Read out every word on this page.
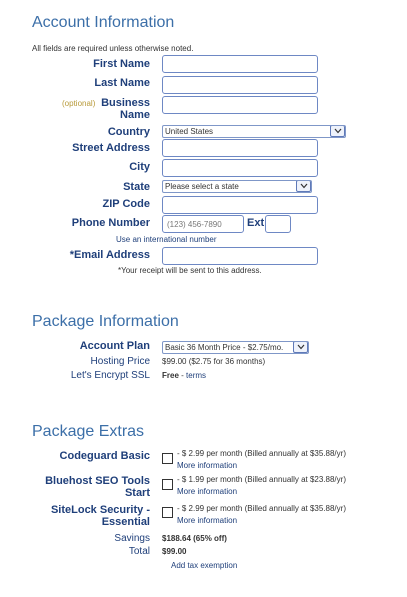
Account Information
All fields are required unless otherwise noted.
First Name
Last Name
(optional) Business
Name
Country	United States
Street Address
City
State	Please select a state
ZIP Code
Phone Number	(123) 456-7890	Ext
Use an international number
*Email Address
*Your receipt will be sent to this address.
Package Information
Account Plan	Basic 36 Month Price - $2.75/mo.
Hosting Price $99.00 ($2.75 for 36 months)
Let's Encrypt SSL Free - terms
Package Extras
Codeguard Basic	- $ 2.99 per month (Billed annually at $35.88/yr)
More information
Bluehost SEO Tools
Start
- $ 1.99 per month (Billed annually at $23.88/yr)
More information
SiteLock Security -
Essential
- $ 2.99 per month (Billed annually at $35.88/yr)
More information
Savings $188.64 (65% off)
Total $99.00
Add tax exemption
